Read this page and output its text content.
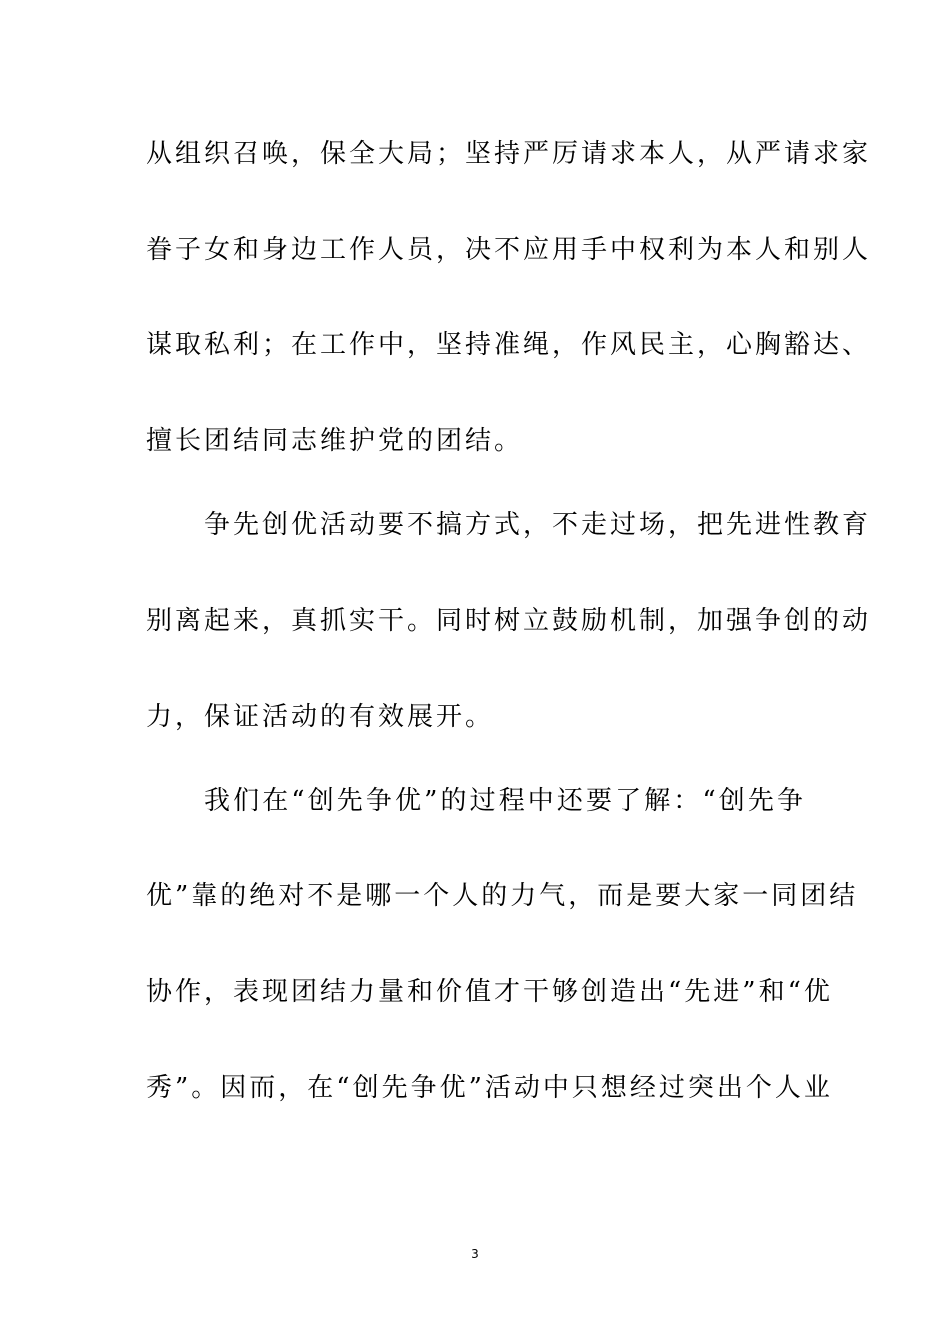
从组织召唤，保全大局；坚持严厉请求本人，从严请求家
眷子女和身边工作人员，决不应用手中权利为本人和别人
谋取私利；在工作中，坚持准绳，作风民主，心胸豁达、
擅长团结同志维护党的团结。
争先创优活动要不搞方式，不走过场，把先进性教育
别离起来，真抓实干。同时树立鼓励机制，加强争创的动
力，保证活动的有效展开。
我们在“创先争优”的过程中还要了解：“创先争
优”靠的绝对不是哪一个人的力气，而是要大家一同团结
协作，表现团结力量和价值才干够创造出“先进”和“优
秀”。因而，在“创先争优”活动中只想经过突出个人业
3
